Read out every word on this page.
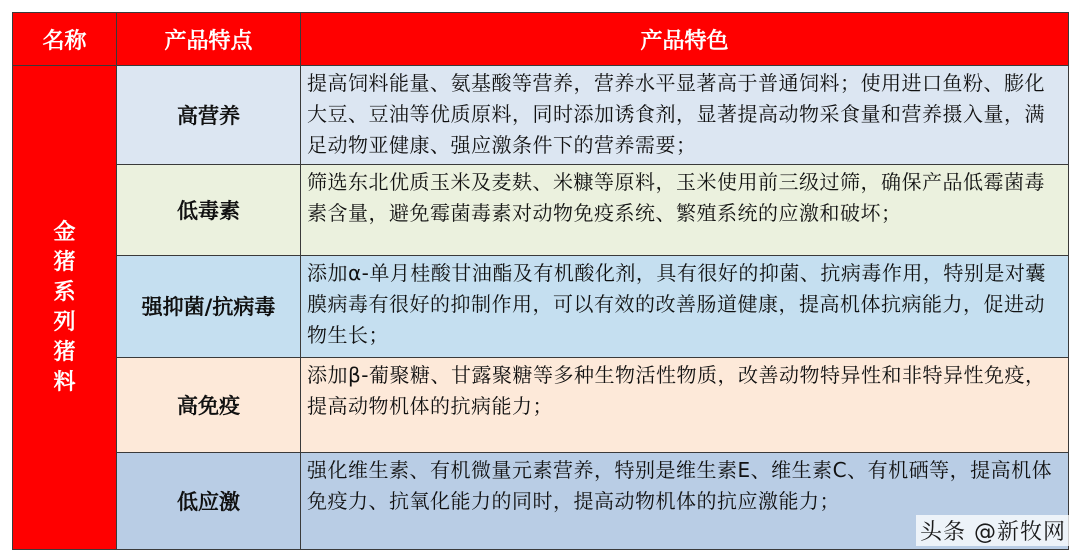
名称	产品特点	产品特色
金猪系列猪料	高营养	提高饲料能量、氨基酸等营养，营养水平显著高于普通饲料；使用进口鱼粉、膨化大豆、豆油等优质原料，同时添加诱食剂，显著提高动物采食量和营养摄入量，满足动物亚健康、强应激条件下的营养需要；
	低毒素	筛选东北优质玉米及麦麸、米糠等原料，玉米使用前三级过筛，确保产品低霉菌毒素含量，避免霉菌毒素对动物免疫系统、繁殖系统的应激和破坏；
	强抑菌/抗病毒	添加α-单月桂酸甘油酯及有机酸化剂，具有很好的抑菌、抗病毒作用，特别是对囊膜病毒有很好的抑制作用，可以有效的改善肠道健康，提高机体抗病能力，促进动物生长；
	高免疫	添加β-葡聚糖、甘露聚糖等多种生物活性物质，改善动物特异性和非特异性免疫，提高动物机体的抗病能力；
	低应激	强化维生素、有机微量元素营养，特别是维生素E、维生素C、有机硒等，提高机体免疫力、抗氧化能力的同时，提高动物机体的抗应激能力；
头条 @新牧网
